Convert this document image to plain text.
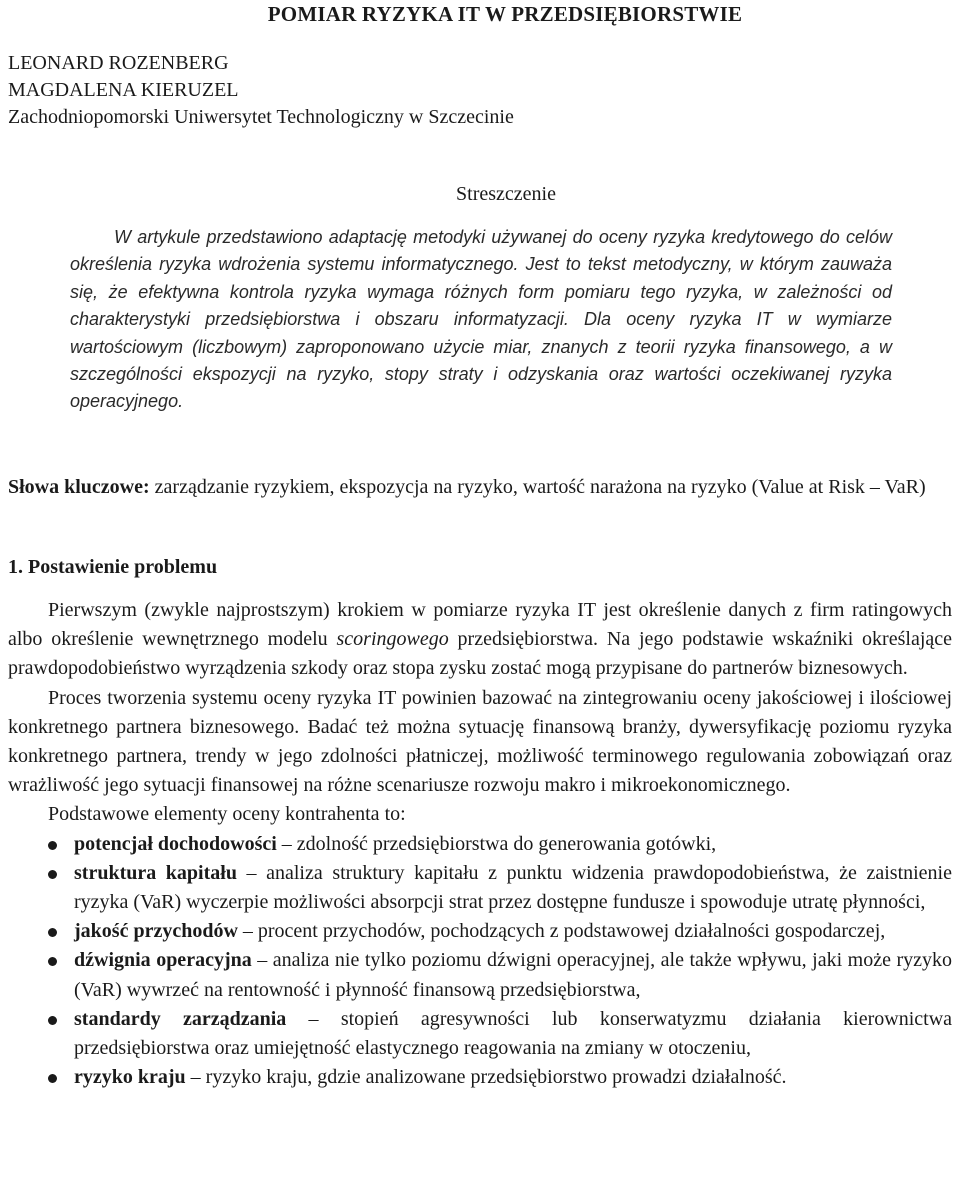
POMIAR RYZYKA IT W PRZEDSIĘBIORSTWIE
LEONARD ROZENBERG
MAGDALENA KIERUZEL
Zachodniopomorski Uniwersytet Technologiczny w Szczecinie
Streszczenie

W artykule przedstawiono adaptację metodyki używanej do oceny ryzyka kredytowego do celów określenia ryzyka wdrożenia systemu informatycznego. Jest to tekst metodyczny, w którym zauważa się, że efektywna kontrola ryzyka wymaga różnych form pomiaru tego ryzyka, w zależności od charakterystyki przedsiębiorstwa i obszaru informatyzacji. Dla oceny ryzyka IT w wymiarze wartościowym (liczbowym) zaproponowano użycie miar, znanych z teorii ryzyka finansowego, a w szczególności ekspozycji na ryzyko, stopy straty i odzyskania oraz wartości oczekiwanej ryzyka operacyjnego.

Słowa kluczowe: zarządzanie ryzykiem, ekspozycja na ryzyko, wartość narażona na ryzyko (Value at Risk – VaR)
1. Postawienie problemu

Pierwszym (zwykle najprostszym) krokiem w pomiarze ryzyka IT jest określenie danych z firm ratingowych albo określenie wewnętrznego modelu scoringowego przedsiębiorstwa. Na jego podstawie wskaźniki określające prawdopodobieństwo wyrządzenia szkody oraz stopa zysku zostać mogą przypisane do partnerów biznesowych.

Proces tworzenia systemu oceny ryzyka IT powinien bazować na zintegrowaniu oceny jakościowej i ilościowej konkretnego partnera biznesowego. Badać też można sytuację finansową branży, dywersyfikację poziomu ryzyka konkretnego partnera, trendy w jego zdolności płatniczej, możliwość terminowego regulowania zobowiązań oraz wrażliwość jego sytuacji finansowej na różne scenariusze rozwoju makro i mikroekonomicznego.

Podstawowe elementy oceny kontrahenta to:

potencjał dochodowości – zdolność przedsiębiorstwa do generowania gotówki,
struktura kapitału – analiza struktury kapitału z punktu widzenia prawdopodobieństwa, że zaistnienie ryzyka (VaR) wyczerpie możliwości absorpcji strat przez dostępne fundusze i spowoduje utratę płynności,
jakość przychodów – procent przychodów, pochodzących z podstawowej działalności gospodarczej,
dźwignia operacyjna – analiza nie tylko poziomu dźwigni operacyjnej, ale także wpływu, jaki może ryzyko (VaR) wywrzeć na rentowność i płynność finansową przedsiębiorstwa,
standardy zarządzania – stopień agresywności lub konserwatyzmu działania kierownictwa przedsiębiorstwa oraz umiejętność elastycznego reagowania na zmiany w otoczeniu,
ryzyko kraju – ryzyko kraju, gdzie analizowane przedsiębiorstwo prowadzi działalność.
